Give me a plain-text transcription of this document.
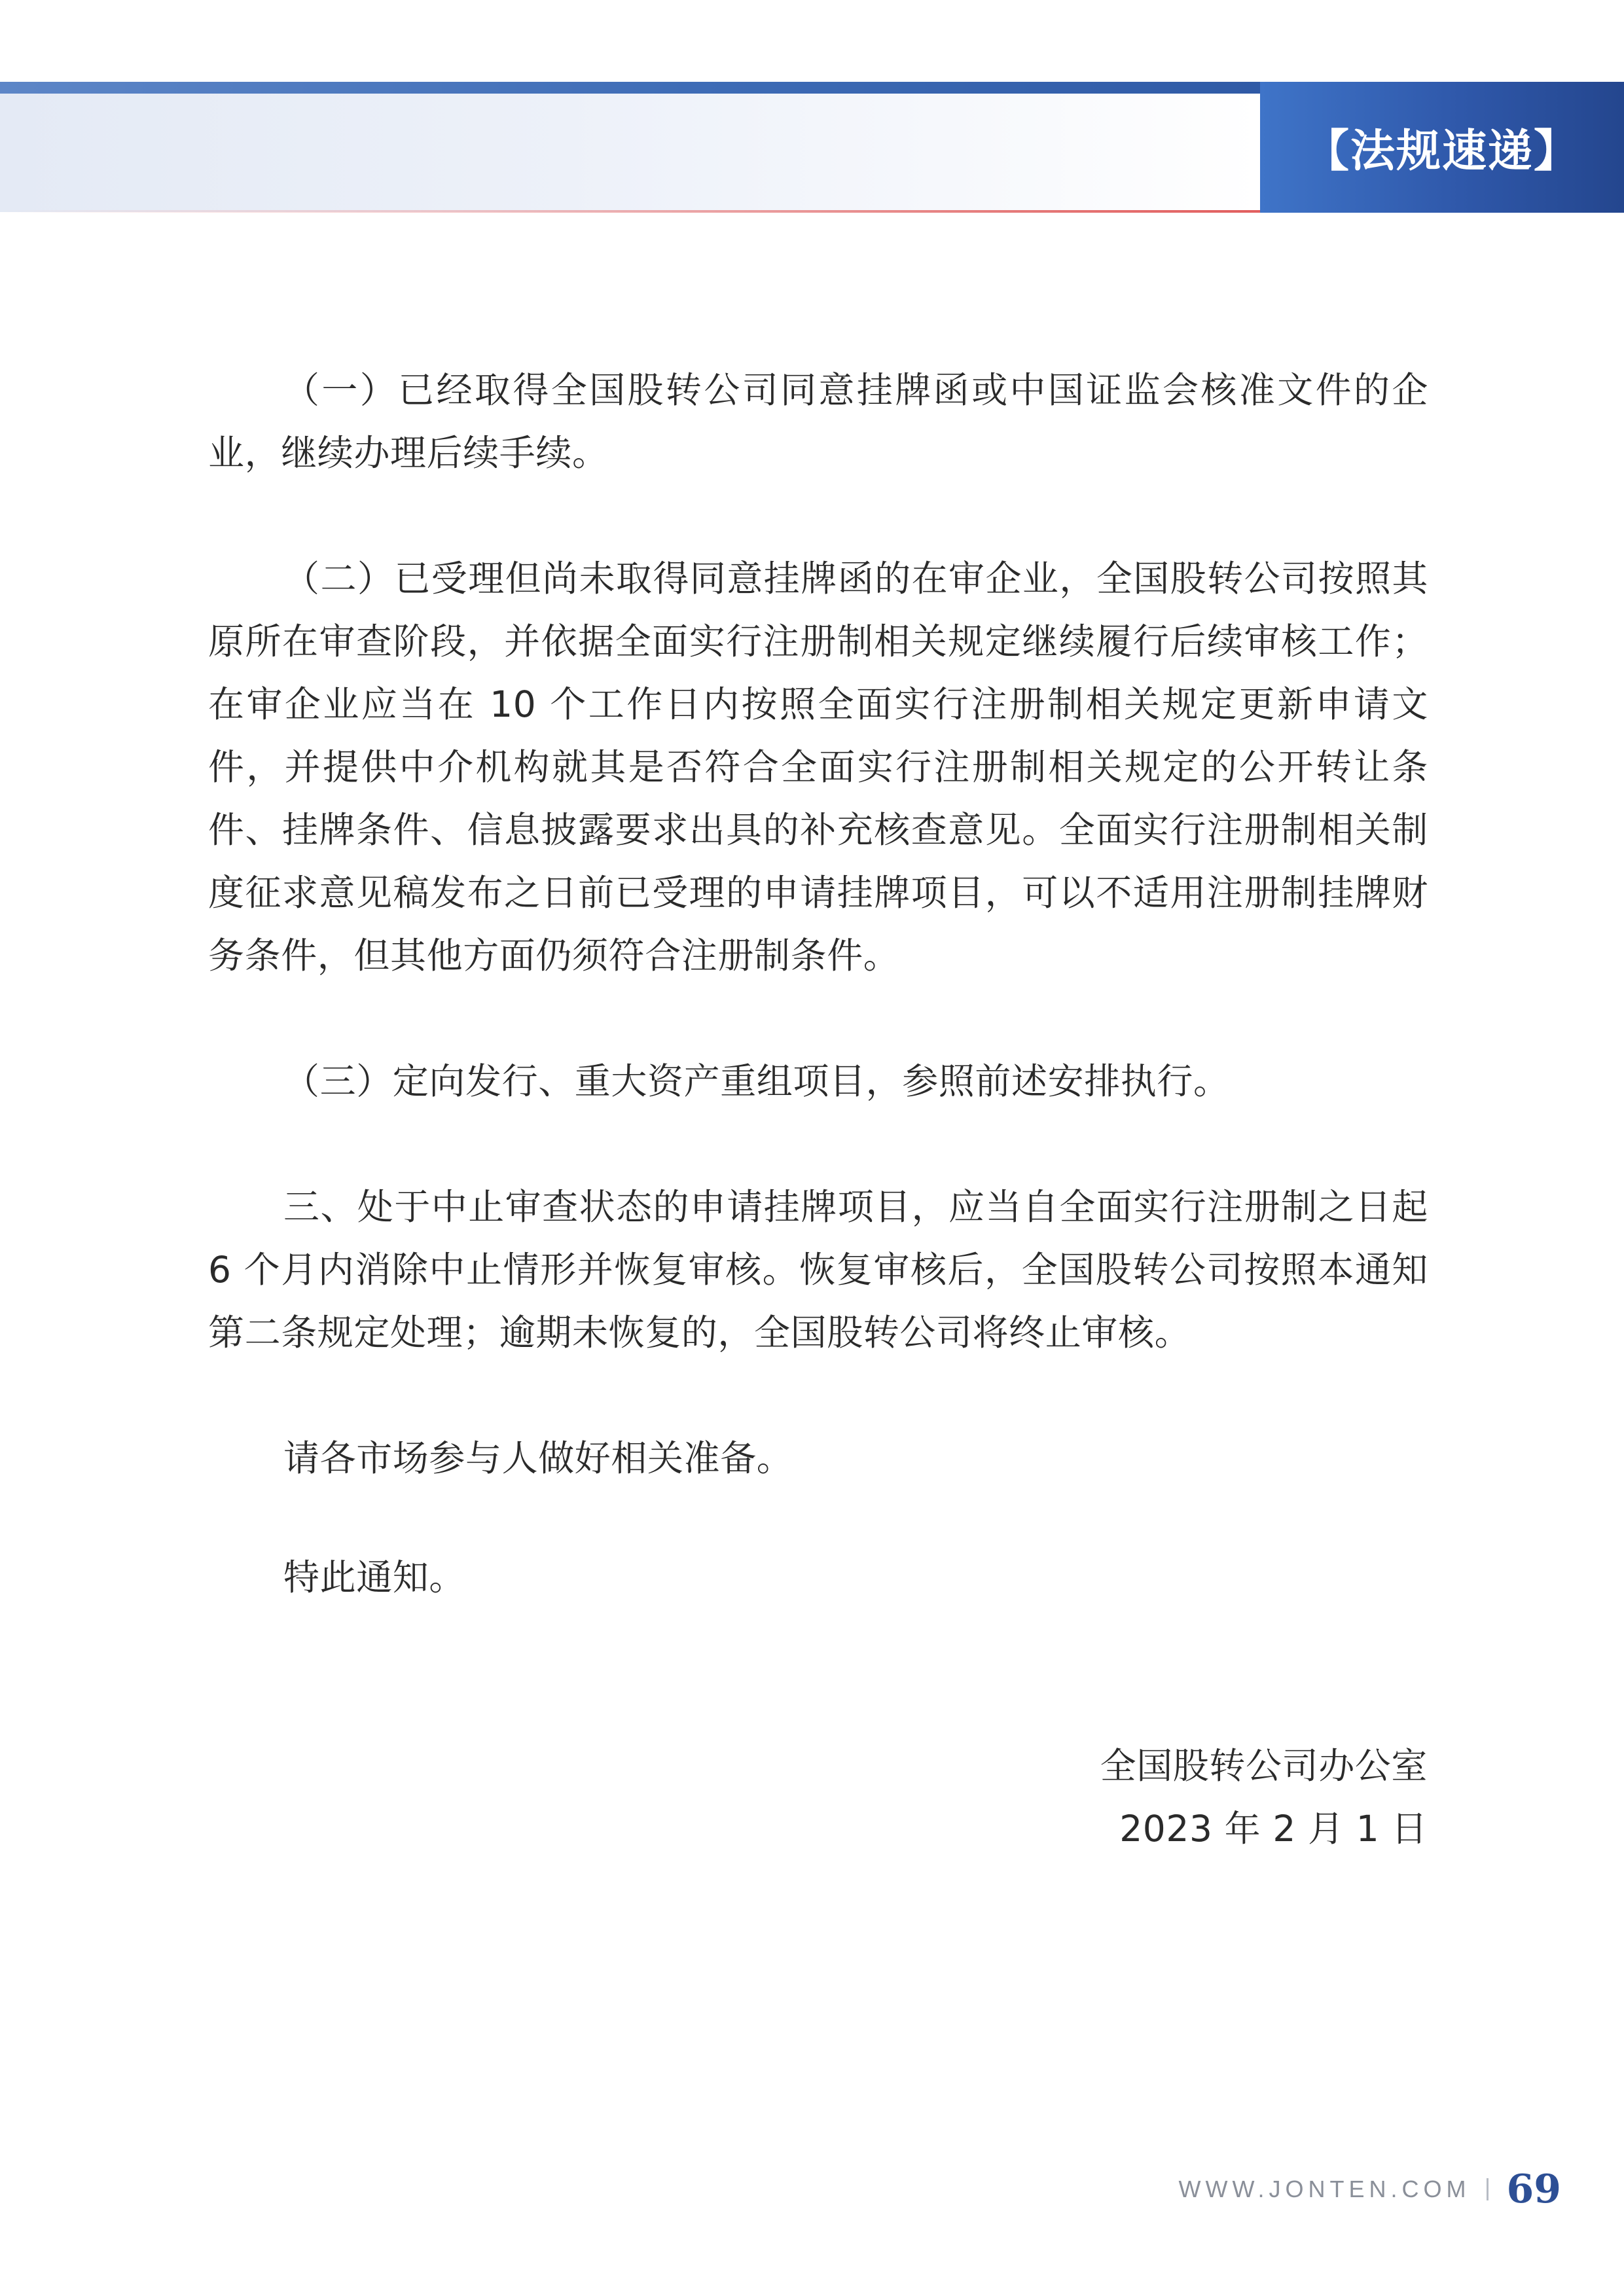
【法规速递】

（一）已经取得全国股转公司同意挂牌函或中国证监会核准文件的企业，继续办理后续手续。

（二）已受理但尚未取得同意挂牌函的在审企业，全国股转公司按照其原所在审查阶段，并依据全面实行注册制相关规定继续履行后续审核工作；在审企业应当在 10 个工作日内按照全面实行注册制相关规定更新申请文件，并提供中介机构就其是否符合全面实行注册制相关规定的公开转让条件、挂牌条件、信息披露要求出具的补充核查意见。全面实行注册制相关制度征求意见稿发布之日前已受理的申请挂牌项目，可以不适用注册制挂牌财务条件，但其他方面仍须符合注册制条件。

（三）定向发行、重大资产重组项目，参照前述安排执行。

三、处于中止审查状态的申请挂牌项目，应当自全面实行注册制之日起 6 个月内消除中止情形并恢复审核。恢复审核后，全国股转公司按照本通知第二条规定处理；逾期未恢复的，全国股转公司将终止审核。

请各市场参与人做好相关准备。

特此通知。

全国股转公司办公室
2023 年 2 月 1 日
WWW.JONTEN.COM 69
